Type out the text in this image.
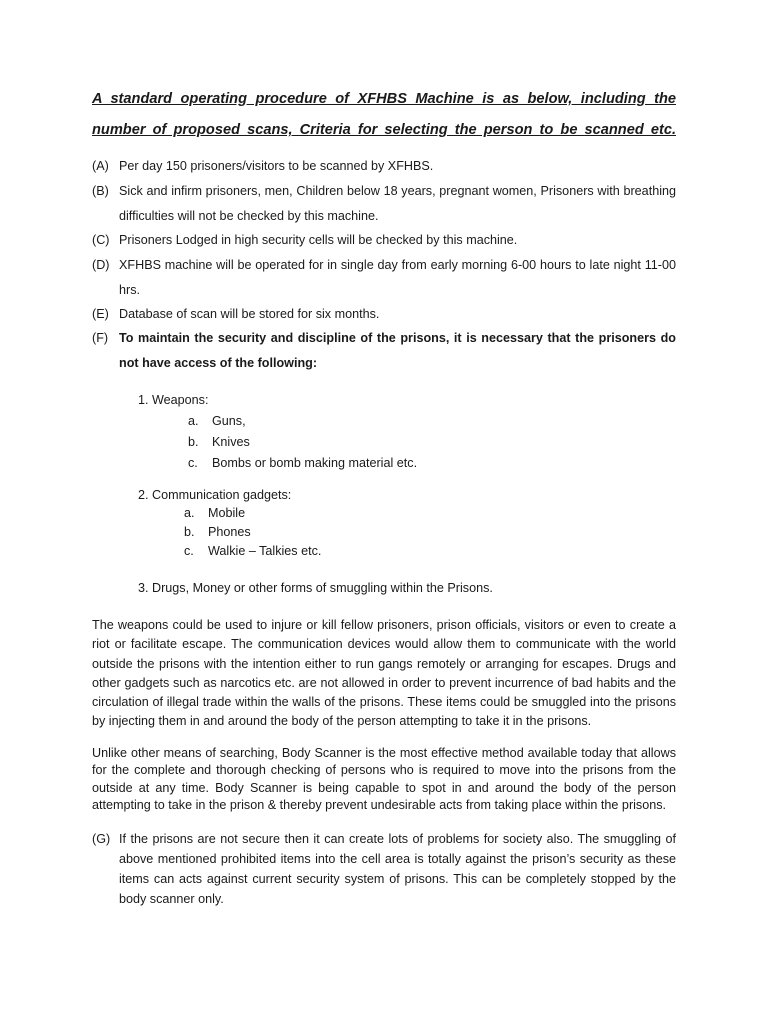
A standard operating procedure of XFHBS Machine is as below, including the
number of proposed scans, Criteria for selecting the person to be scanned etc.
(A) Per day 150 prisoners/visitors to be scanned by XFHBS.
(B) Sick and infirm prisoners, men, Children below 18 years, pregnant women, Prisoners with breathing difficulties will not be checked by this machine.
(C) Prisoners Lodged in high security cells will be checked by this machine.
(D) XFHBS machine will be operated for in single day from early morning 6-00 hours to late night 11-00 hrs.
(E) Database of scan will be stored for six months.
(F) To maintain the security and discipline of the prisons, it is necessary that the prisoners do not have access of the following:
1. Weapons:
a. Guns,
b. Knives
c. Bombs or bomb making material etc.
2. Communication gadgets:
a. Mobile
b. Phones
c. Walkie – Talkies etc.
3. Drugs, Money or other forms of smuggling within the Prisons.
The weapons could be used to injure or kill fellow prisoners, prison officials, visitors or even to create a riot or facilitate escape. The communication devices would allow them to communicate with the world outside the prisons with the intention either to run gangs remotely or arranging for escapes. Drugs and other gadgets such as narcotics etc. are not allowed in order to prevent incurrence of bad habits and the circulation of illegal trade within the walls of the prisons. These items could be smuggled into the prisons by injecting them in and around the body of the person attempting to take it in the prisons.
Unlike other means of searching, Body Scanner is the most effective method available today that allows for the complete and thorough checking of persons who is required to move into the prisons from the outside at any time. Body Scanner is being capable to spot in and around the body of the person attempting to take in the prison & thereby prevent undesirable acts from taking place within the prisons.
(G) If the prisons are not secure then it can create lots of problems for society also. The smuggling of above mentioned prohibited items into the cell area is totally against the prison’s security as these items can acts against current security system of prisons. This can be completely stopped by the body scanner only.
